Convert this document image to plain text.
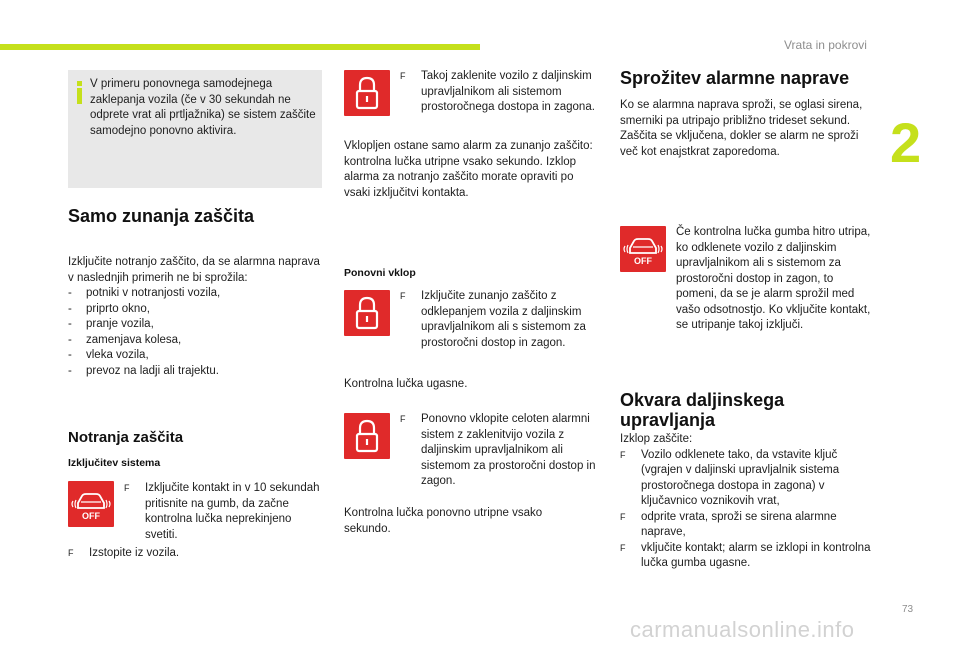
Vrata in pokrovi
2
73
carmanualsonline.info

V primeru ponovnega samodejnega zaklepanja vozila (če v 30 sekundah ne odprete vrat ali prtljažnika) se sistem zaščite samodejno ponovno aktivira.

Samo zunanja zaščita
Izključite notranjo zaščito, da se alarmna naprava v naslednjih primerih ne bi sprožila:
- potniki v notranjosti vozila,
- priprto okno,
- pranje vozila,
- zamenjava kolesa,
- vleka vozila,
- prevoz na ladji ali trajektu.
Notranja zaščita
Izključitev sistema
OFF
F	Izključite kontakt in v 10 sekundah pritisnite na gumb, da začne kontrolna lučka neprekinjeno svetiti.
F	Izstopite iz vozila.
F	Takoj zaklenite vozilo z daljinskim upravljalnikom ali sistemom prostoročnega dostopa in zagona.

Vklopljen ostane samo alarm za zunanjo zaščito: kontrolna lučka utripne vsako sekundo. Izklop alarma za notranjo zaščito morate opraviti po vsaki izključitvi kontakta.

Ponovni vklop
F	Izključite zunanjo zaščito z odklepanjem vozila z daljinskim upravljalnikom ali s sistemom za prostoročni dostop in zagon.

Kontrolna lučka ugasne.

F	Ponovno vklopite celoten alarmni sistem z zaklenitvijo vozila z daljinskim upravljalnikom ali sistemom za prostoročni dostop in zagon.

Kontrolna lučka ponovno utripne vsako sekundo.

Sprožitev alarmne naprave

Ko se alarmna naprava sproži, se oglasi sirena, smerniki pa utripajo približno trideset sekund. Zaščita se vključena, dokler se alarm ne sproži več kot enajstkrat zaporedoma.

OFF

Če kontrolna lučka gumba hitro utripa, ko odklenete vozilo z daljinskim upravljalnikom ali s sistemom za prostoročni dostop in zagon, to pomeni, da se je alarm sprožil med vašo odsotnostjo. Ko vključite kontakt, se utripanje takoj izključi.

Okvara daljinskega upravljanja
Izklop zaščite:
F Vozilo odklenete tako, da vstavite ključ (vgrajen v daljinski upravljalnik sistema prostoročnega dostopa in zagona) v ključavnico voznikovih vrat,
F odprite vrata, sproži se sirena alarmne naprave,
F vključite kontakt; alarm se izklopi in kontrolna lučka gumba ugasne.
